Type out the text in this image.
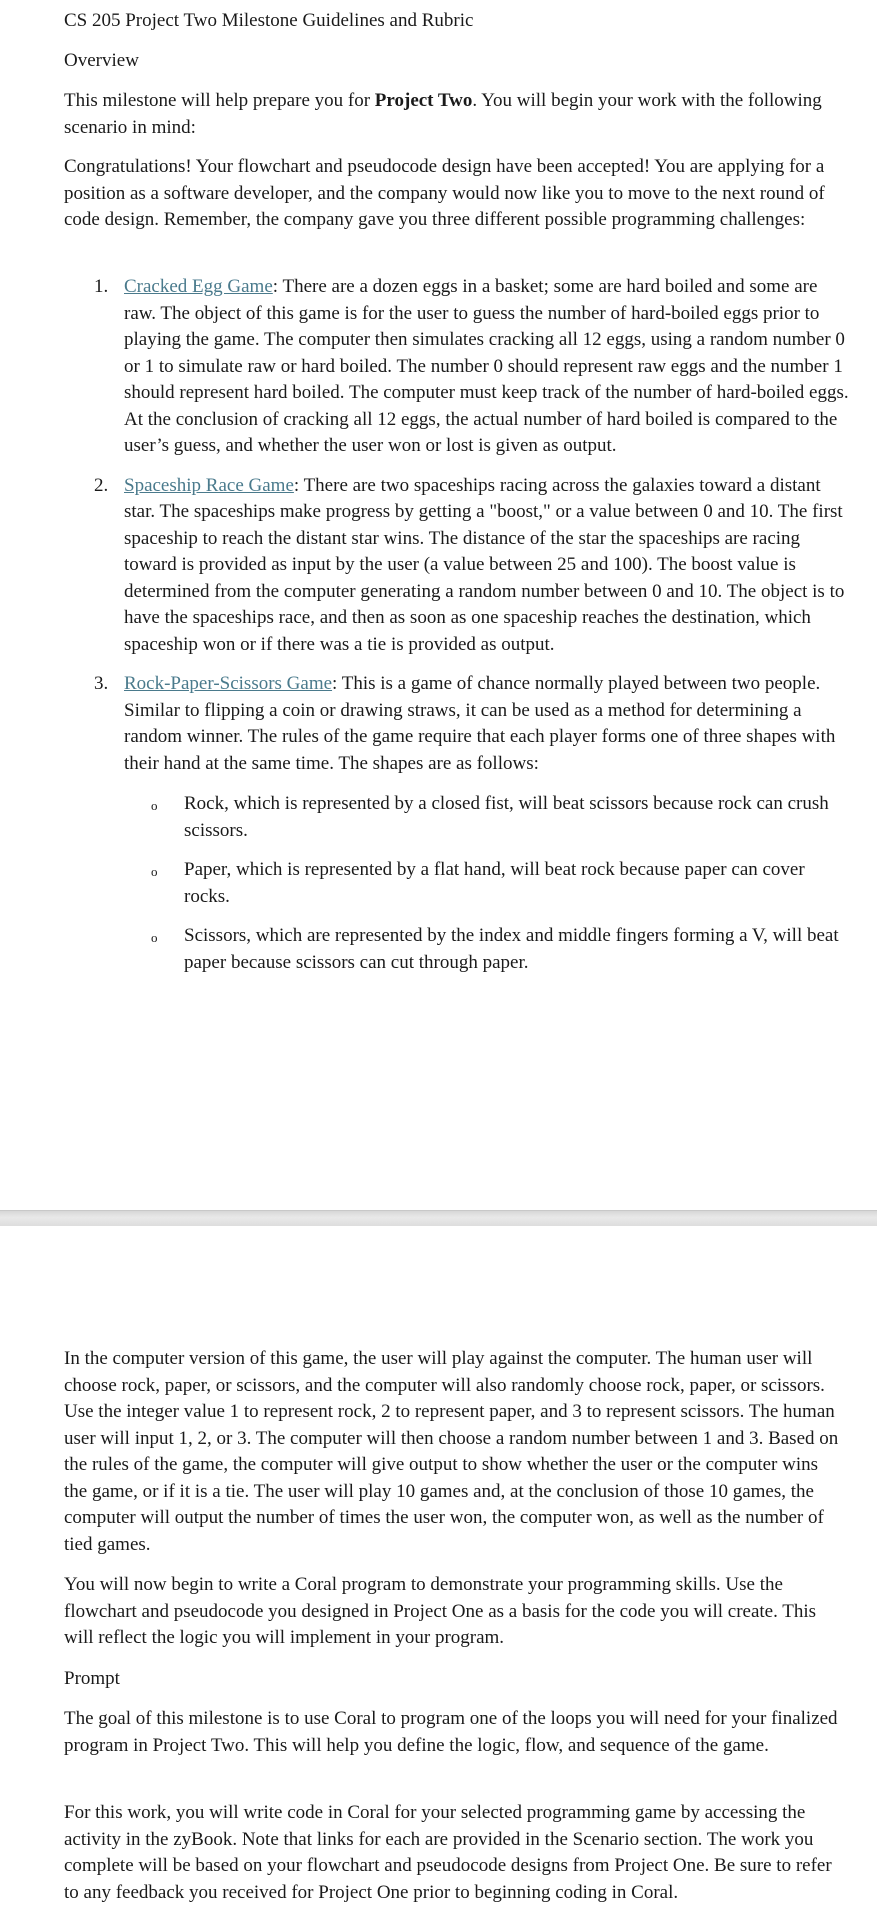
CS 205 Project Two Milestone Guidelines and Rubric

Overview

This milestone will help prepare you for Project Two. You will begin your work with the following scenario in mind:

Congratulations! Your flowchart and pseudocode design have been accepted! You are applying for a position as a software developer, and the company would now like you to move to the next round of code design. Remember, the company gave you three different possible programming challenges:

1. Cracked Egg Game: There are a dozen eggs in a basket; some are hard boiled and some are raw. The object of this game is for the user to guess the number of hard-boiled eggs prior to playing the game. The computer then simulates cracking all 12 eggs, using a random number 0 or 1 to simulate raw or hard boiled. The number 0 should represent raw eggs and the number 1 should represent hard boiled. The computer must keep track of the number of hard-boiled eggs. At the conclusion of cracking all 12 eggs, the actual number of hard boiled is compared to the user’s guess, and whether the user won or lost is given as output.
2. Spaceship Race Game: There are two spaceships racing across the galaxies toward a distant star. The spaceships make progress by getting a "boost," or a value between 0 and 10. The first spaceship to reach the distant star wins. The distance of the star the spaceships are racing toward is provided as input by the user (a value between 25 and 100). The boost value is determined from the computer generating a random number between 0 and 10. The object is to have the spaceships race, and then as soon as one spaceship reaches the destination, which spaceship won or if there was a tie is provided as output.
3. Rock-Paper-Scissors Game: This is a game of chance normally played between two people. Similar to flipping a coin or drawing straws, it can be used as a method for determining a random winner. The rules of the game require that each player forms one of three shapes with their hand at the same time. The shapes are as follows:
o Rock, which is represented by a closed fist, will beat scissors because rock can crush scissors.
o Paper, which is represented by a flat hand, will beat rock because paper can cover rocks.
o Scissors, which are represented by the index and middle fingers forming a V, will beat paper because scissors can cut through paper.

In the computer version of this game, the user will play against the computer. The human user will choose rock, paper, or scissors, and the computer will also randomly choose rock, paper, or scissors. Use the integer value 1 to represent rock, 2 to represent paper, and 3 to represent scissors. The human user will input 1, 2, or 3. The computer will then choose a random number between 1 and 3. Based on the rules of the game, the computer will give output to show whether the user or the computer wins the game, or if it is a tie. The user will play 10 games and, at the conclusion of those 10 games, the computer will output the number of times the user won, the computer won, as well as the number of tied games.

You will now begin to write a Coral program to demonstrate your programming skills. Use the flowchart and pseudocode you designed in Project One as a basis for the code you will create. This will reflect the logic you will implement in your program.

Prompt

The goal of this milestone is to use Coral to program one of the loops you will need for your finalized program in Project Two. This will help you define the logic, flow, and sequence of the game.

For this work, you will write code in Coral for your selected programming game by accessing the activity in the zyBook. Note that links for each are provided in the Scenario section. The work you complete will be based on your flowchart and pseudocode designs from Project One. Be sure to refer to any feedback you received for Project One prior to beginning coding in Coral.
